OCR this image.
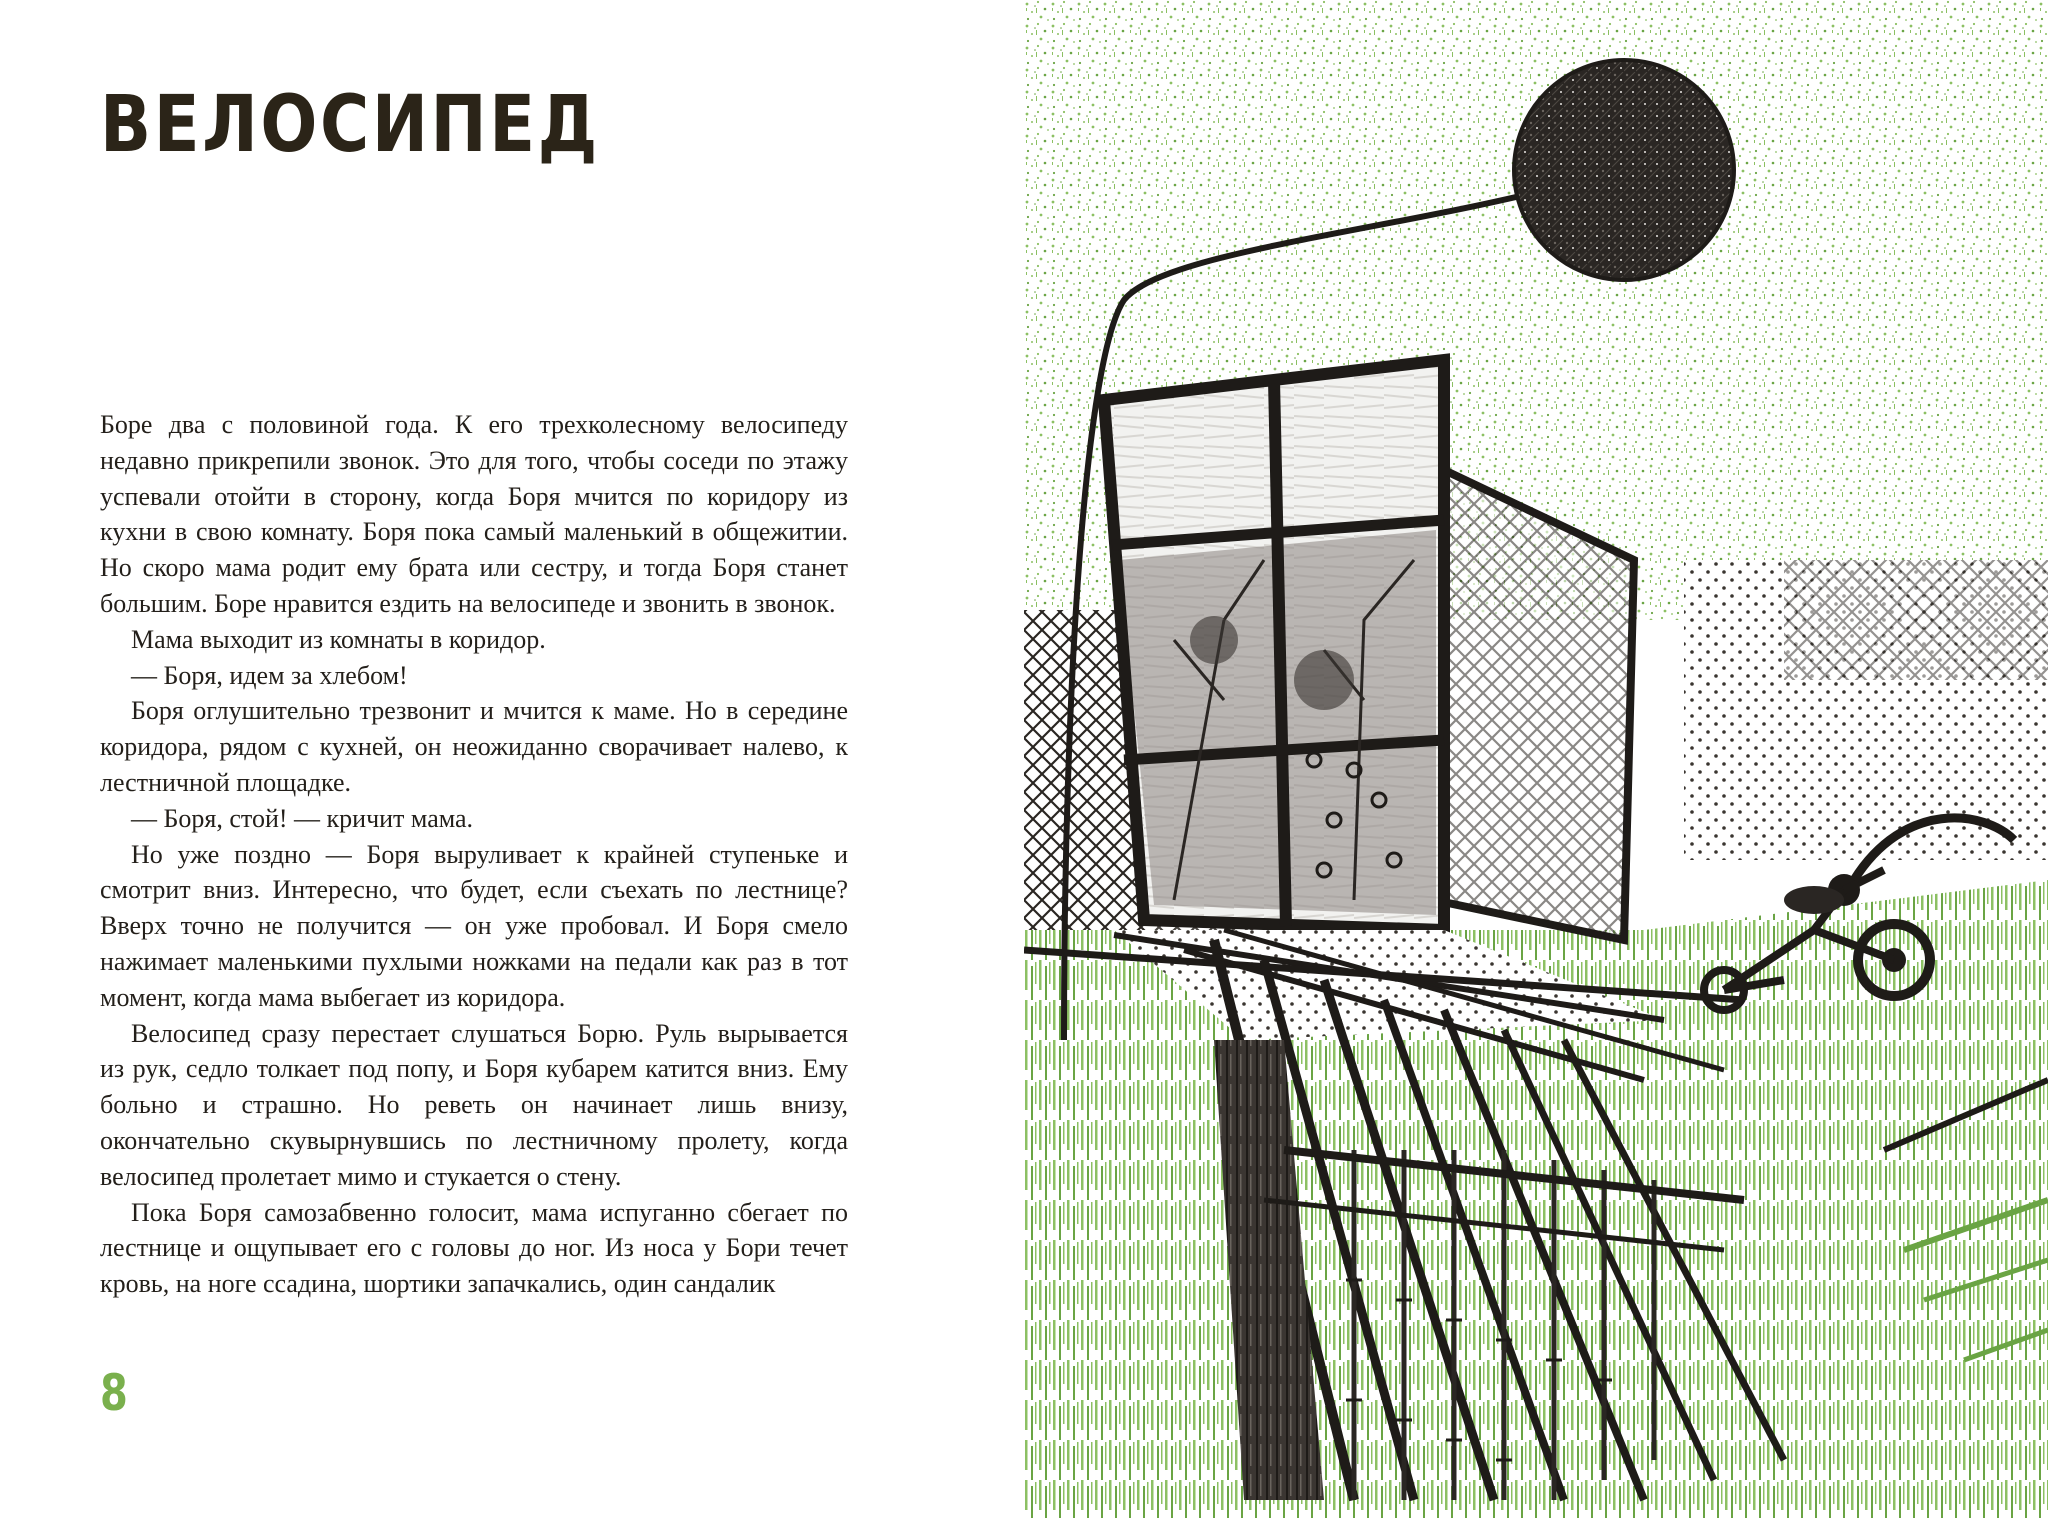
ВЕЛОСИПЕД

Боре два с половиной года. К его трехколесному велосипеду недавно прикрепили звонок. Это для того, чтобы соседи по этажу успевали отойти в сторону, когда Боря мчится по коридору из кухни в свою комнату. Боря пока самый маленький в общежитии. Но скоро мама родит ему брата или сестру, и тогда Боря станет большим. Боре нравится ездить на велосипеде и звонить в звонок.

Мама выходит из комнаты в коридор.

— Боря, идем за хлебом!

Боря оглушительно трезвонит и мчится к маме. Но в середине коридора, рядом с кухней, он неожиданно сворачивает налево, к лестничной площадке.

— Боря, стой! — кричит мама.

Но уже поздно — Боря выруливает к крайней ступеньке и смотрит вниз. Интересно, что будет, если съехать по лестнице? Вверх точно не получится — он уже пробовал. И Боря смело нажимает маленькими пухлыми ножками на педали как раз в тот момент, когда мама выбегает из коридора.

Велосипед сразу перестает слушаться Борю. Руль вырывается из рук, седло толкает под попу, и Боря кубарем катится вниз. Ему больно и страшно. Но реветь он начинает лишь внизу, окончательно скувырнувшись по лестничному пролету, когда велосипед пролетает мимо и стукается о стену.

Пока Боря самозабвенно голосит, мама испуганно сбегает по лестнице и ощупывает его с головы до ног. Из носа у Бори течет кровь, на ноге ссадина, шортики запачкались, один сандалик

8
